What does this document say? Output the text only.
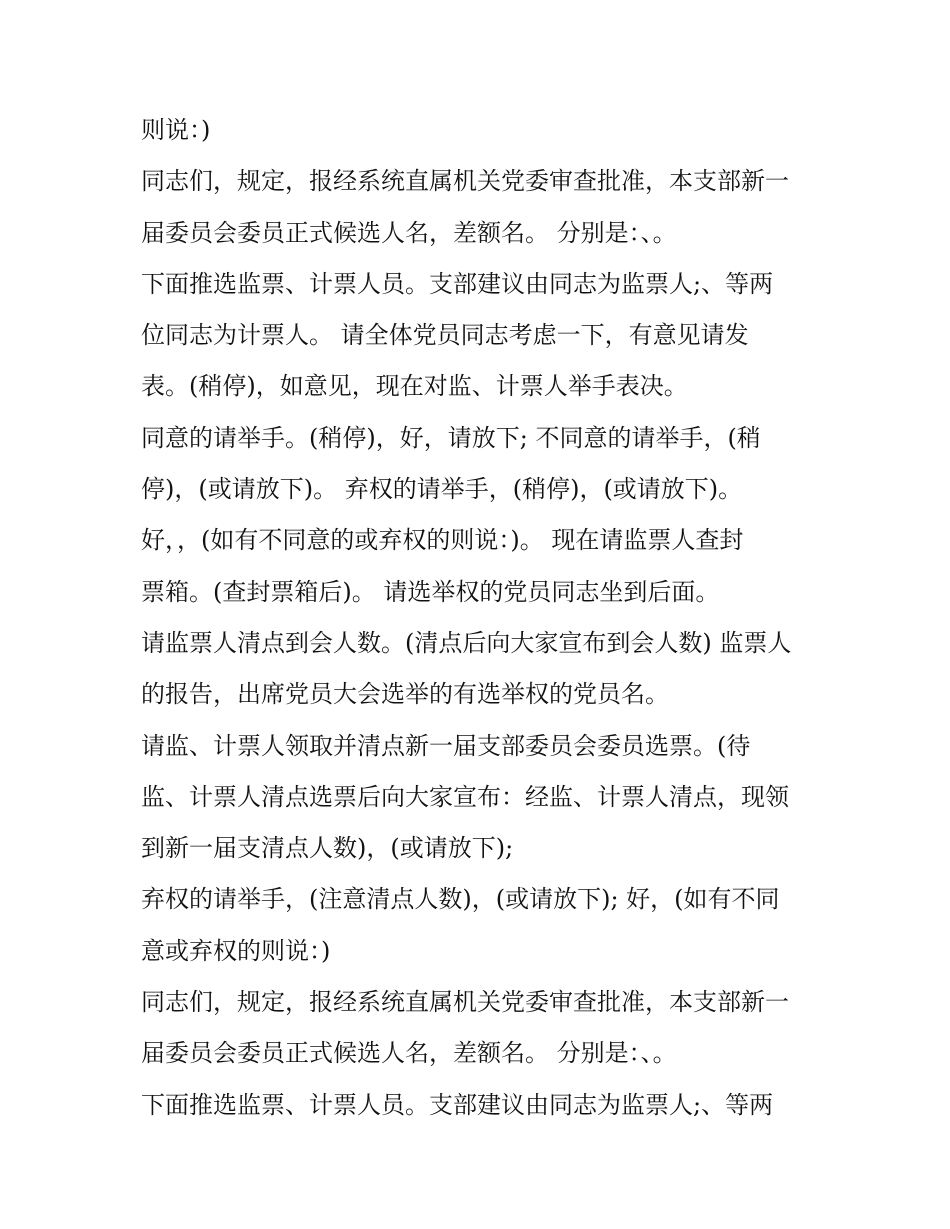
则说：)
同志们，规定，报经系统直属机关党委审查批准，本支部新一
届委员会委员正式候选人名，差额名。 分别是：、。
下面推选监票、计票人员。支部建议由同志为监票人;、等两
位同志为计票人。 请全体党员同志考虑一下，有意见请发
表。(稍停)，如意见，现在对监、计票人举手表决。
同意的请举手。(稍停)，好，请放下; 不同意的请举手，(稍
停)，(或请放下)。 弃权的请举手，(稍停)，(或请放下)。
好，，(如有不同意的或弃权的则说：)。 现在请监票人查封
票箱。(查封票箱后)。 请选举权的党员同志坐到后面。
请监票人清点到会人数。(清点后向大家宣布到会人数) 监票人
的报告，出席党员大会选举的有选举权的党员名。
请监、计票人领取并清点新一届支部委员会委员选票。(待
监、计票人清点选票后向大家宣布：经监、计票人清点，现领
到新一届支清点人数)，(或请放下);
弃权的请举手，(注意清点人数)，(或请放下); 好，(如有不同
意或弃权的则说：)
同志们，规定，报经系统直属机关党委审查批准，本支部新一
届委员会委员正式候选人名，差额名。 分别是：、。
下面推选监票、计票人员。支部建议由同志为监票人;、等两
